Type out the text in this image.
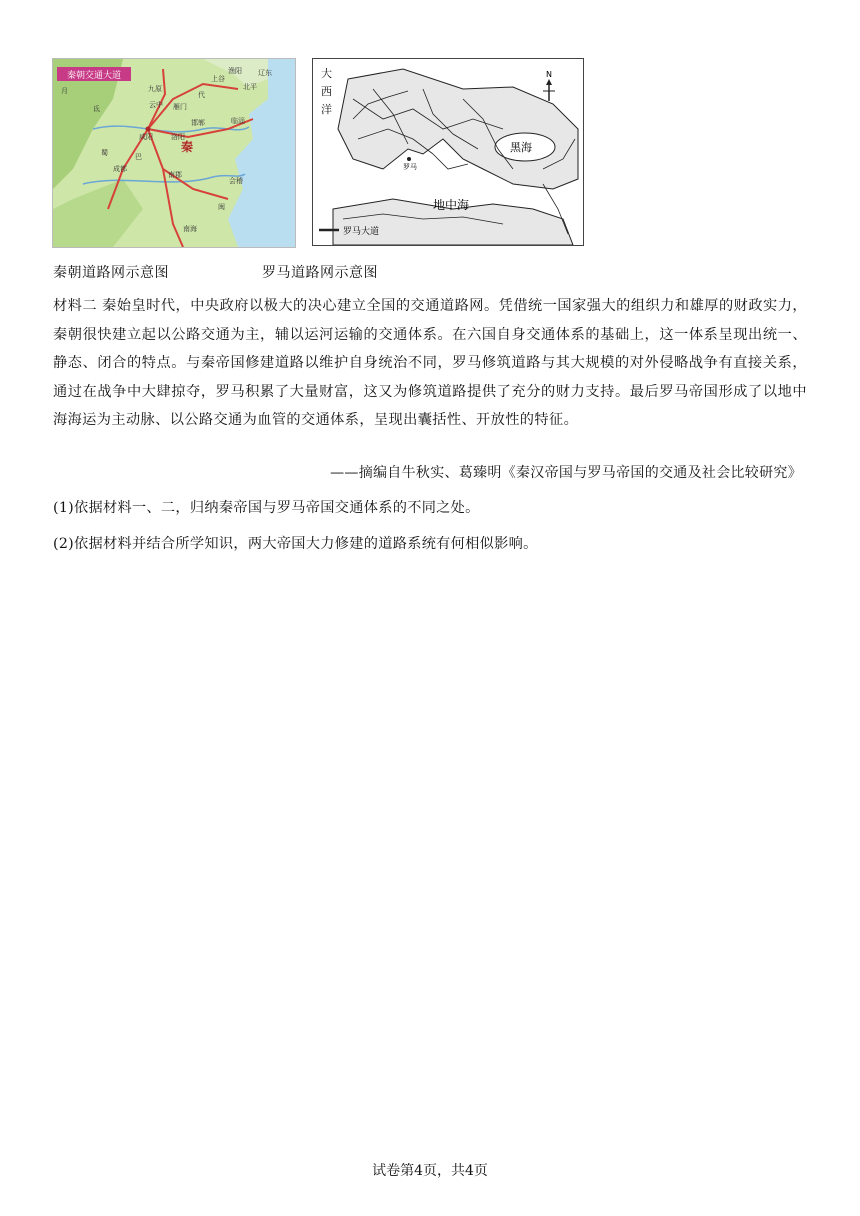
秦朝交通大道
秦
九原
云中 雁门
代
上谷
渔阳
北平
辽东
邯郸	临淄
洛阳
咸阳
成都
南郡
巴
蜀
会稽
闽
南海
月
氐
N
大西洋
黑海
地中海
罗马
罗马大道
秦朝道路网示意图	罗马道路网示意图
材料二 秦始皇时代，中央政府以极大的决心建立全国的交通道路网。凭借统一国家强大的组织力和雄厚的财政实力，秦朝很快建立起以公路交通为主，辅以运河运输的交通体系。在六国自身交通体系的基础上，这一体系呈现出统一、静态、闭合的特点。与秦帝国修建道路以维护自身统治不同，罗马修筑道路与其大规模的对外侵略战争有直接关系，通过在战争中大肆掠夺，罗马积累了大量财富，这又为修筑道路提供了充分的财力支持。最后罗马帝国形成了以地中海海运为主动脉、以公路交通为血管的交通体系，呈现出囊括性、开放性的特征。
——摘编自牛秋实、葛臻明《秦汉帝国与罗马帝国的交通及社会比较研究》
(1)依据材料一、二，归纳秦帝国与罗马帝国交通体系的不同之处。
(2)依据材料并结合所学知识，两大帝国大力修建的道路系统有何相似影响。
试卷第4页，共4页
